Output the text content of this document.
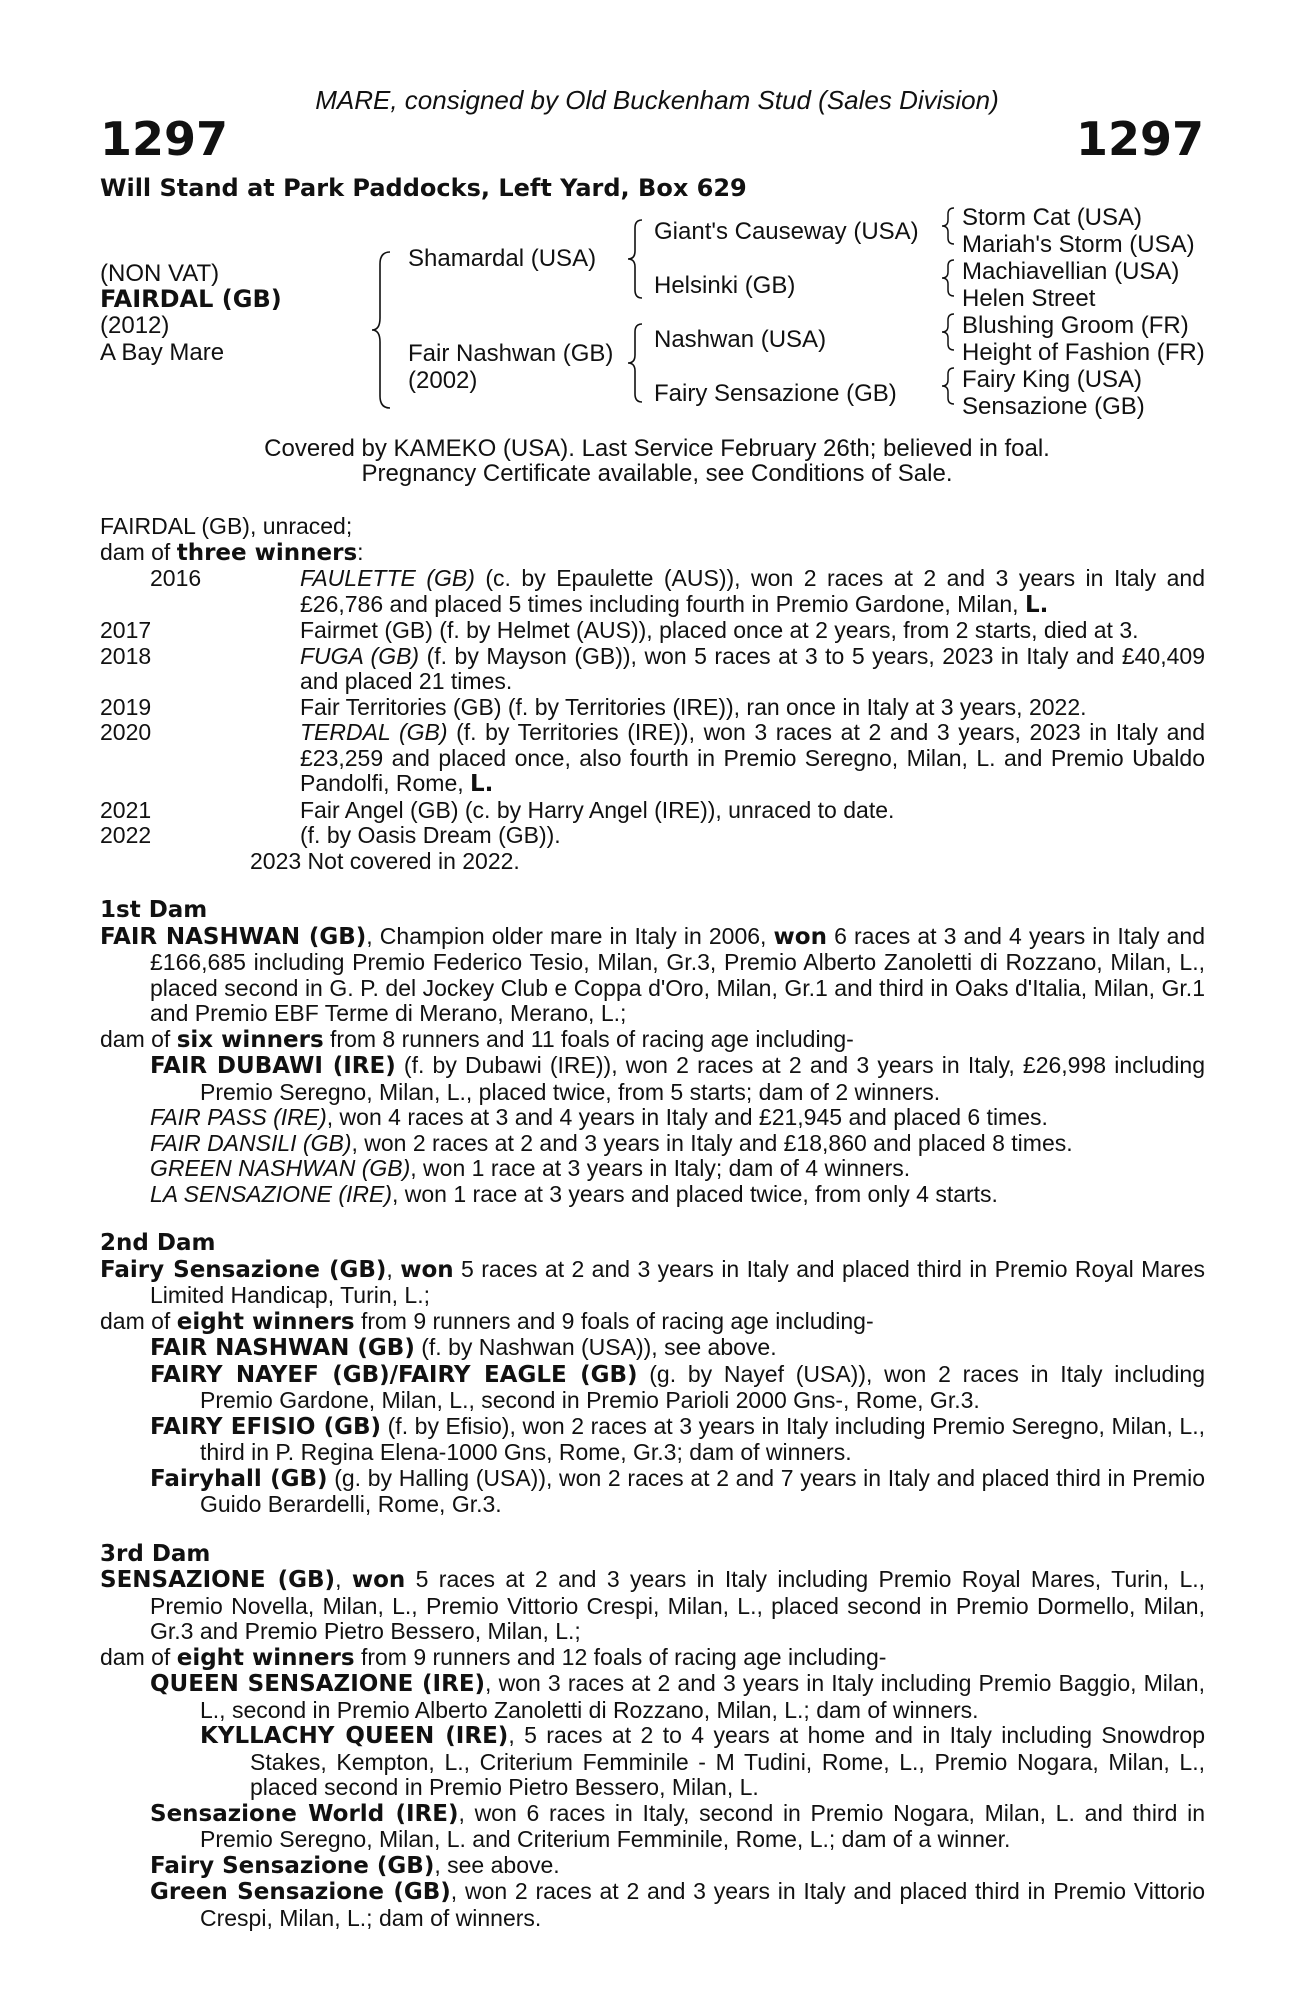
MARE, consigned by Old Buckenham Stud (Sales Division)
1297	1297
Will Stand at Park Paddocks, Left Yard, Box 629
(NON VAT)
FAIRDAL (GB)
(2012)
A Bay Mare
Shamardal (USA)
Fair Nashwan (GB)
(2002)
Giant's Causeway (USA)
Helsinki (GB)
Nashwan (USA)
Fairy Sensazione (GB)
Storm Cat (USA)
Mariah's Storm (USA)
Machiavellian (USA)
Helen Street
Blushing Groom (FR)
Height of Fashion (FR)
Fairy King (USA)
Sensazione (GB)
Covered by KAMEKO (USA). Last Service February 26th; believed in foal.
Pregnancy Certificate available, see Conditions of Sale.

FAIRDAL (GB), unraced;

dam of three winners:

2016	FAULETTE (GB) (c. by Epaulette (AUS)), won 2 races at 2 and 3 years in Italy and £26,786 and placed 5 times including fourth in Premio Gardone, Milan, L.

2017	Fairmet (GB) (f. by Helmet (AUS)), placed once at 2 years, from 2 starts, died at 3.

2018	FUGA (GB) (f. by Mayson (GB)), won 5 races at 3 to 5 years, 2023 in Italy and £40,409 and placed 21 times.

2019	Fair Territories (GB) (f. by Territories (IRE)), ran once in Italy at 3 years, 2022.

2020	TERDAL (GB) (f. by Territories (IRE)), won 3 races at 2 and 3 years, 2023 in Italy and £23,259 and placed once, also fourth in Premio Seregno, Milan, L. and Premio Ubaldo Pandolfi, Rome, L.

2021	Fair Angel (GB) (c. by Harry Angel (IRE)), unraced to date.

2022	(f. by Oasis Dream (GB)).

2023 Not covered in 2022.

1st Dam

FAIR NASHWAN (GB), Champion older mare in Italy in 2006, won 6 races at 3 and 4 years in Italy and £166,685 including Premio Federico Tesio, Milan, Gr.3, Premio Alberto Zanoletti di Rozzano, Milan, L., placed second in G. P. del Jockey Club e Coppa d'Oro, Milan, Gr.1 and third in Oaks d'Italia, Milan, Gr.1 and Premio EBF Terme di Merano, Merano, L.;

dam of six winners from 8 runners and 11 foals of racing age including-

FAIR DUBAWI (IRE) (f. by Dubawi (IRE)), won 2 races at 2 and 3 years in Italy, £26,998 including Premio Seregno, Milan, L., placed twice, from 5 starts; dam of 2 winners.

FAIR PASS (IRE), won 4 races at 3 and 4 years in Italy and £21,945 and placed 6 times.

FAIR DANSILI (GB), won 2 races at 2 and 3 years in Italy and £18,860 and placed 8 times.

GREEN NASHWAN (GB), won 1 race at 3 years in Italy; dam of 4 winners.

LA SENSAZIONE (IRE), won 1 race at 3 years and placed twice, from only 4 starts.

2nd Dam

Fairy Sensazione (GB), won 5 races at 2 and 3 years in Italy and placed third in Premio Royal Mares Limited Handicap, Turin, L.;

dam of eight winners from 9 runners and 9 foals of racing age including-

FAIR NASHWAN (GB) (f. by Nashwan (USA)), see above.

FAIRY NAYEF (GB)/FAIRY EAGLE (GB) (g. by Nayef (USA)), won 2 races in Italy including Premio Gardone, Milan, L., second in Premio Parioli 2000 Gns-, Rome, Gr.3.

FAIRY EFISIO (GB) (f. by Efisio), won 2 races at 3 years in Italy including Premio Seregno, Milan, L., third in P. Regina Elena-1000 Gns, Rome, Gr.3; dam of winners.

Fairyhall (GB) (g. by Halling (USA)), won 2 races at 2 and 7 years in Italy and placed third in Premio Guido Berardelli, Rome, Gr.3.

3rd Dam

SENSAZIONE (GB), won 5 races at 2 and 3 years in Italy including Premio Royal Mares, Turin, L., Premio Novella, Milan, L., Premio Vittorio Crespi, Milan, L., placed second in Premio Dormello, Milan, Gr.3 and Premio Pietro Bessero, Milan, L.;

dam of eight winners from 9 runners and 12 foals of racing age including-

QUEEN SENSAZIONE (IRE), won 3 races at 2 and 3 years in Italy including Premio Baggio, Milan, L., second in Premio Alberto Zanoletti di Rozzano, Milan, L.; dam of winners.

KYLLACHY QUEEN (IRE), 5 races at 2 to 4 years at home and in Italy including Snowdrop Stakes, Kempton, L., Criterium Femminile - M Tudini, Rome, L., Premio Nogara, Milan, L., placed second in Premio Pietro Bessero, Milan, L.

Sensazione World (IRE), won 6 races in Italy, second in Premio Nogara, Milan, L. and third in Premio Seregno, Milan, L. and Criterium Femminile, Rome, L.; dam of a winner.

Fairy Sensazione (GB), see above.

Green Sensazione (GB), won 2 races at 2 and 3 years in Italy and placed third in Premio Vittorio Crespi, Milan, L.; dam of winners.
